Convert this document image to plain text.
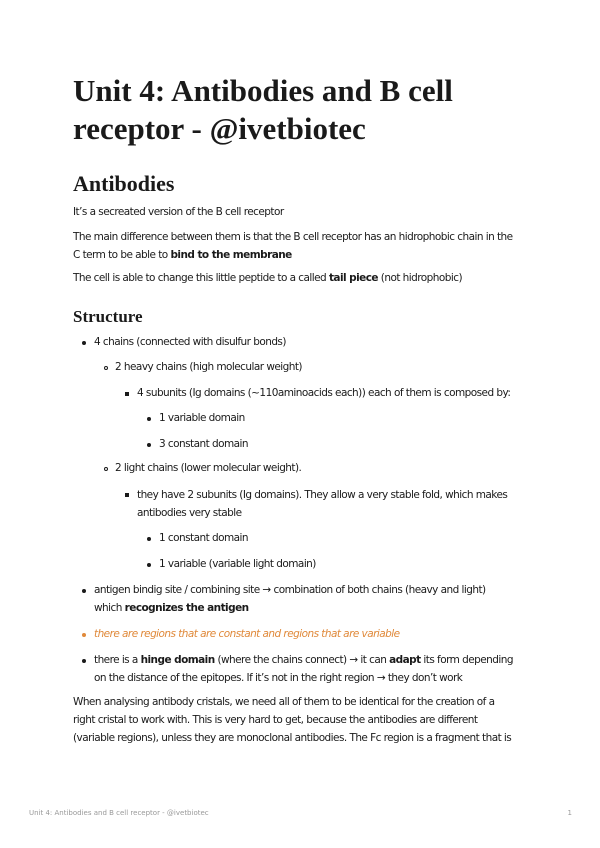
Unit 4: Antibodies and B cell receptor - @ivetbiotec
Antibodies

It’s a secreated version of the B cell receptor

The main difference between them is that the B cell receptor has an hidrophobic chain in the
C term to be able to bind to the membrane

The cell is able to change this little peptide to a called tail piece (not hidrophobic)

Structure

4 chains (connected with disulfur bonds)

2 heavy chains (high molecular weight)

4 subunits (Ig domains (~110aminoacids each)) each of them is composed by:

1 variable domain

3 constant domain

2 light chains (lower molecular weight).

they have 2 subunits (Ig domains). They allow a very stable fold, which makes
antibodies very stable

1 constant domain

1 variable (variable light domain)

antigen bindig site / combining site → combination of both chains (heavy and light)
which recognizes the antigen

there are regions that are constant and regions that are variable

there is a hinge domain (where the chains connect) → it can adapt its form depending
on the distance of the epitopes. If it’s not in the right region → they don’t work

When analysing antibody cristals, we need all of them to be identical for the creation of a
right cristal to work with. This is very hard to get, because the antibodies are different
(variable regions), unless they are monoclonal antibodies. The Fc region is a fragment that is

Unit 4: Antibodies and B cell receptor - @ivetbiotec	1
